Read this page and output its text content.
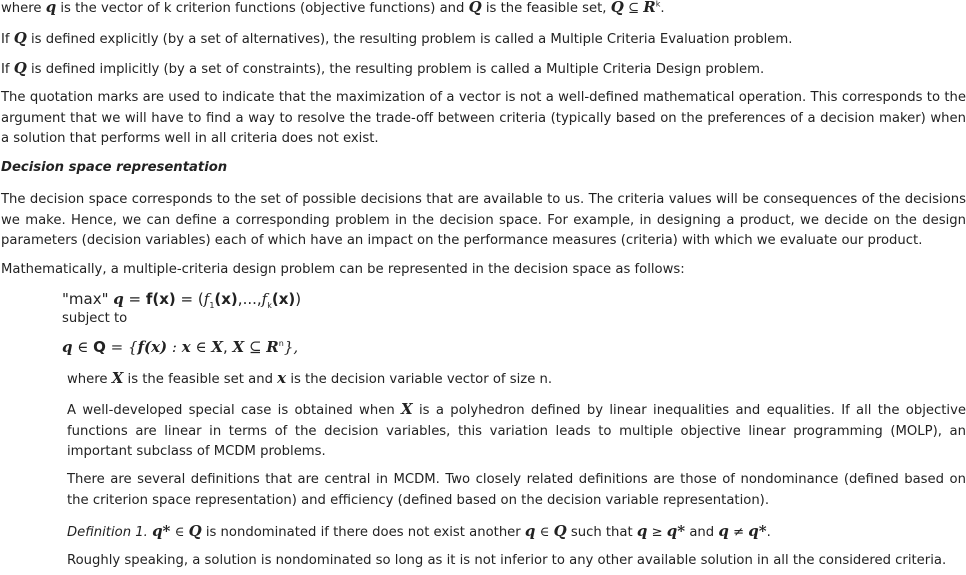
where q is the vector of k criterion functions (objective functions) and Q is the feasible set, Q ⊆ $R^k$.

If Q is defined explicitly (by a set of alternatives), the resulting problem is called a Multiple Criteria Evaluation problem.

If Q is defined implicitly (by a set of constraints), the resulting problem is called a Multiple Criteria Design problem.

The quotation marks are used to indicate that the maximization of a vector is not a well-defined mathematical operation. This corresponds to the argument that we will have to find a way to resolve the trade-off between criteria (typically based on the preferences of a decision maker) when a solution that performs well in all criteria does not exist.

Decision space representation

The decision space corresponds to the set of possible decisions that are available to us. The criteria values will be consequences of the decisions we make. Hence, we can define a corresponding problem in the decision space. For example, in designing a product, we decide on the design parameters (decision variables) each of which have an impact on the performance measures (criteria) with which we evaluate our product.

Mathematically, a multiple-criteria design problem can be represented in the decision space as follows:

"max" $q = f(x) = (f_1(x),...,f_k(x))$

subject to

q ∈ Q = {f(x) : x ∈ X, X ⊆ $R^n$},

where X is the feasible set and x is the decision variable vector of size n.

A well-developed special case is obtained when X is a polyhedron defined by linear inequalities and equalities. If all the objective functions are linear in terms of the decision variables, this variation leads to multiple objective linear programming (MOLP), an important subclass of MCDM problems.

There are several definitions that are central in MCDM. Two closely related definitions are those of nondominance (defined based on the criterion space representation) and efficiency (defined based on the decision variable representation).

Definition 1. q* ∈ Q is nondominated if there does not exist another q ∈ Q such that q ≥ q* and q ≠ q*.

Roughly speaking, a solution is nondominated so long as it is not inferior to any other available solution in all the considered criteria.
